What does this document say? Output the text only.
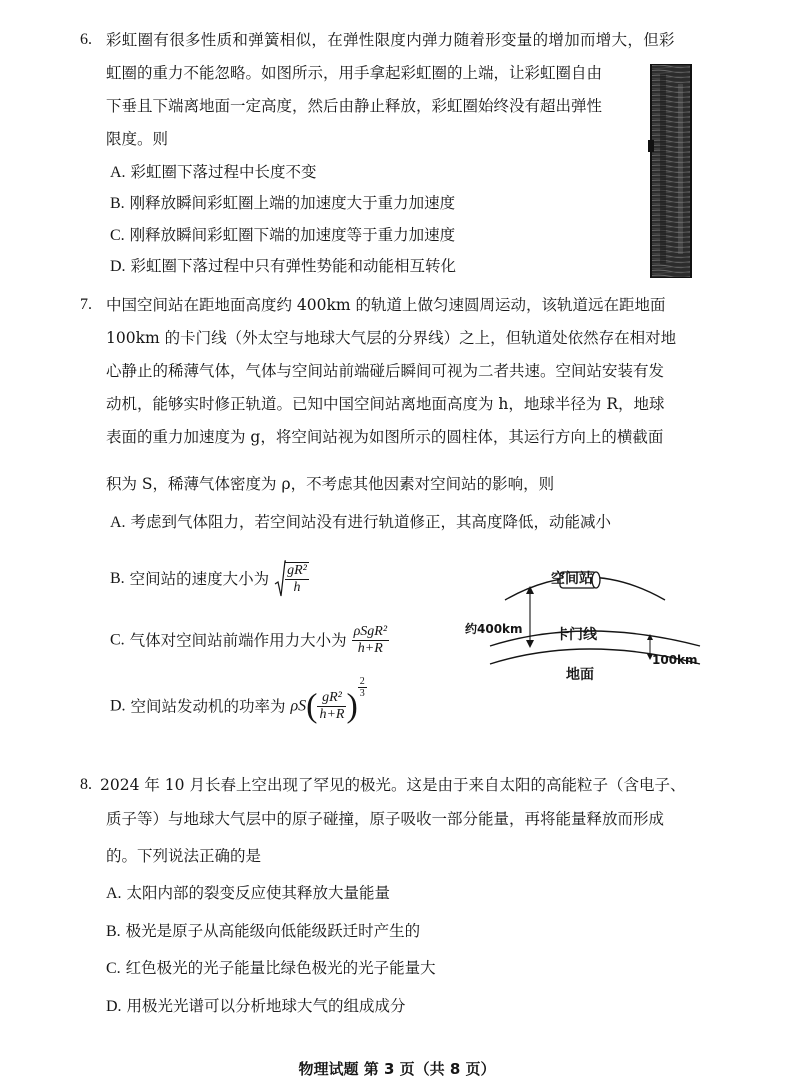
6. 彩虹圈有很多性质和弹簧相似，在弹性限度内弹力随着形变量的增加而增大，但彩
虹圈的重力不能忽略。如图所示，用手拿起彩虹圈的上端，让彩虹圈自由
下垂且下端离地面一定高度，然后由静止释放，彩虹圈始终没有超出弹性
限度。则
A. 彩虹圈下落过程中长度不变
B. 刚释放瞬间彩虹圈上端的加速度大于重力加速度
C. 刚释放瞬间彩虹圈下端的加速度等于重力加速度
D. 彩虹圈下落过程中只有弹性势能和动能相互转化
7. 中国空间站在距地面高度约 400km 的轨道上做匀速圆周运动，该轨道远在距地面
100km 的卡门线（外太空与地球大气层的分界线）之上，但轨道处依然存在相对地
心静止的稀薄气体，气体与空间站前端碰后瞬间可视为二者共速。空间站安装有发
动机，能够实时修正轨道。已知中国空间站离地面高度为 h，地球半径为 R，地球
表面的重力加速度为 g，将空间站视为如图所示的圆柱体，其运行方向上的横截面
积为 S，稀薄气体密度为 ρ，不考虑其他因素对空间站的影响，则
A. 考虑到气体阻力，若空间站没有进行轨道修正，其高度降低，动能减小
B. 空间站的速度大小为 $\frac{\text{gR²}}{h}$
C. 气体对空间站前端作用力大小为 $\frac{\text{ρSgR²}}{h+R}$
D. 空间站发动机的功率为 $\rho S( \frac{\text{gR²}}{h+R}$ ) $\frac{2}{3}$
空间站
约400km 卡门线
地面
100km
8. 2024 年 10 月长春上空出现了罕见的极光。这是由于来自太阳的高能粒子（含电子、
质子等）与地球大气层中的原子碰撞，原子吸收一部分能量，再将能量释放而形成
的。下列说法正确的是
A. 太阳内部的裂变反应使其释放大量能量
B. 极光是原子从高能级向低能级跃迁时产生的
C. 红色极光的光子能量比绿色极光的光子能量大
D. 用极光光谱可以分析地球大气的组成成分
物理试题 第 3 页（共 8 页）
